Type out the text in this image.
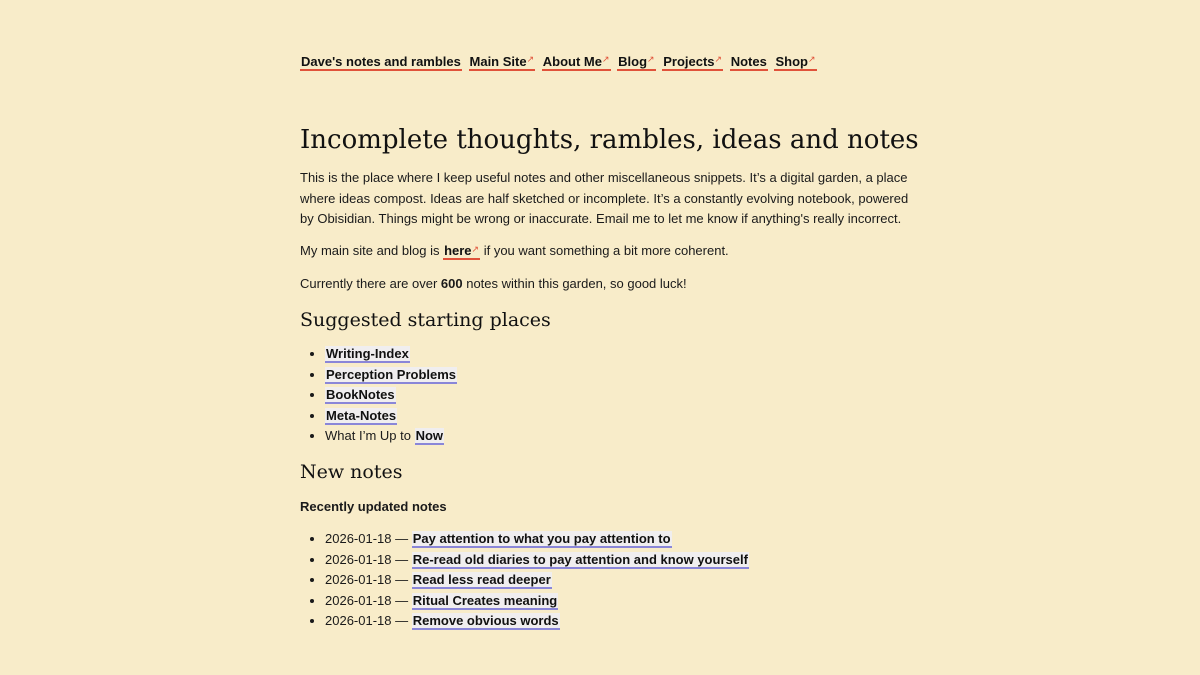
Dave's notes and rambles Main Site↗ About Me↗ Blog↗ Projects↗ Notes Shop↗
Incomplete thoughts, rambles, ideas and notes

This is the place where I keep useful notes and other miscellaneous snippets. It’s a digital garden, a place where ideas compost. Ideas are half sketched or incomplete. It’s a constantly evolving notebook, powered by Obisidian. Things might be wrong or inaccurate. Email me to let me know if anything's really incorrect.

My main site and blog is here↗ if you want something a bit more coherent.

Currently there are over 600 notes within this garden, so good luck!

Suggested starting places
• Writing-Index
• Perception Problems
• BookNotes
• Meta-Notes
• What I’m Up to Now
New notes

Recently updated notes

• 2026-01-18 — Pay attention to what you pay attention to
• 2026-01-18 — Re-read old diaries to pay attention and know yourself
• 2026-01-18 — Read less read deeper
• 2026-01-18 — Ritual Creates meaning
• 2026-01-18 — Remove obvious words
